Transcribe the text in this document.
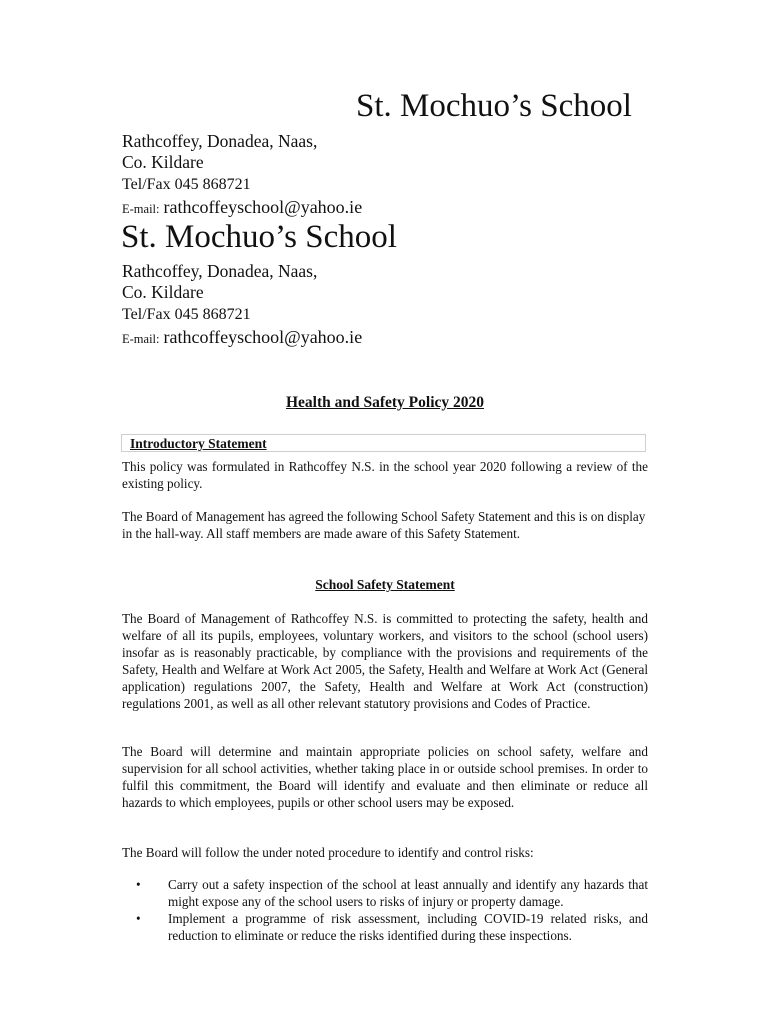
St. Mochuo’s School
Rathcoffey, Donadea, Naas,
Co. Kildare
Tel/Fax 045 868721
E-mail: rathcoffeyschool@yahoo.ie
St. Mochuo’s School
Rathcoffey, Donadea, Naas,
Co. Kildare
Tel/Fax 045 868721
E-mail: rathcoffeyschool@yahoo.ie
Health and Safety Policy 2020
Introductory Statement

This policy was formulated in Rathcoffey N.S. in the school year 2020 following a review of the existing policy.

The Board of Management has agreed the following School Safety Statement and this is on display in the hall-way. All staff members are made aware of this Safety Statement.

School Safety Statement

The Board of Management of Rathcoffey N.S. is committed to protecting the safety, health and welfare of all its pupils, employees, voluntary workers, and visitors to the school (school users) insofar as is reasonably practicable, by compliance with the provisions and requirements of the Safety, Health and Welfare at Work Act 2005, the Safety, Health and Welfare at Work Act (General application) regulations 2007, the Safety, Health and Welfare at Work Act (construction) regulations 2001, as well as all other relevant statutory provisions and Codes of Practice.

The Board will determine and maintain appropriate policies on school safety, welfare and supervision for all school activities, whether taking place in or outside school premises. In order to fulfil this commitment, the Board will identify and evaluate and then eliminate or reduce all hazards to which employees, pupils or other school users may be exposed.

The Board will follow the under noted procedure to identify and control risks:

• Carry out a safety inspection of the school at least annually and identify any hazards that might expose any of the school users to risks of injury or property damage.
• Implement a programme of risk assessment, including COVID-19 related risks, and reduction to eliminate or reduce the risks identified during these inspections.
